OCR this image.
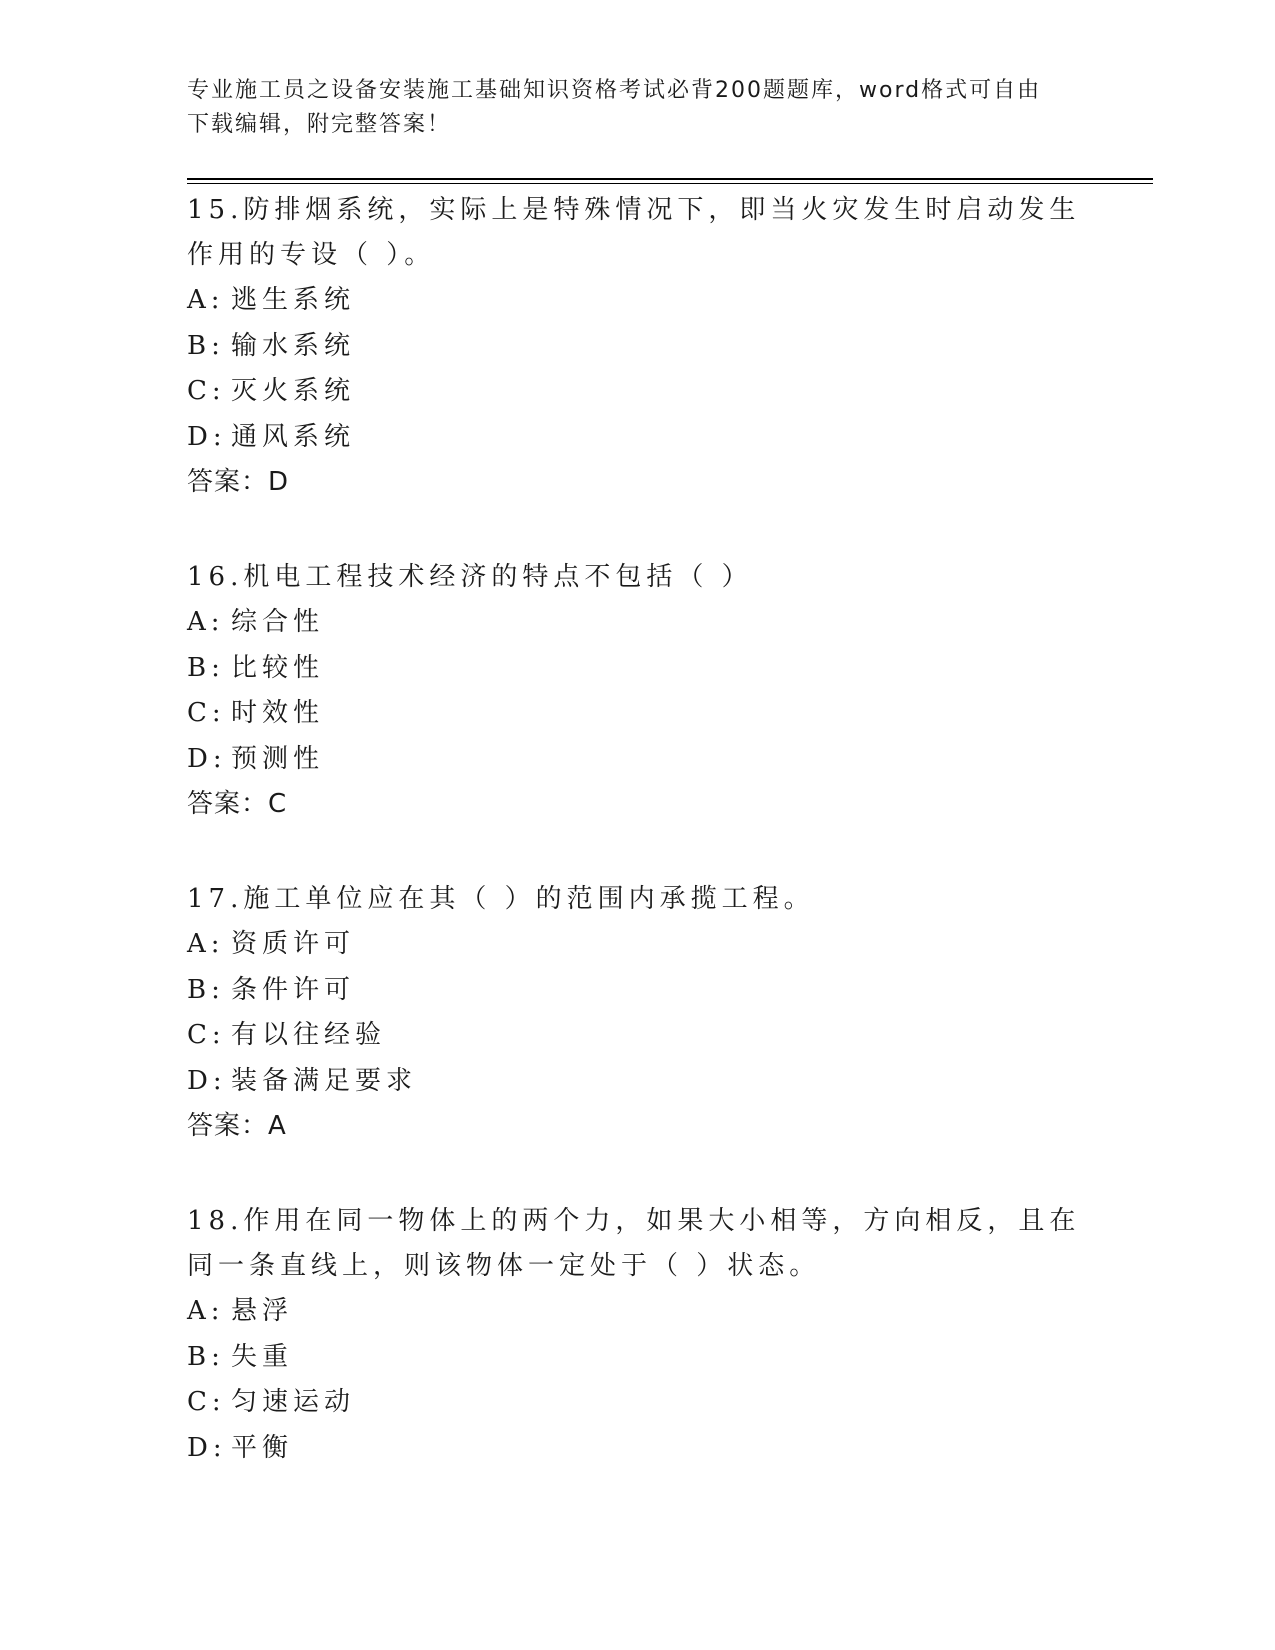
专业施工员之设备安装施工基础知识资格考试必背200题题库，word格式可自由
下载编辑，附完整答案！

15.防排烟系统，实际上是特殊情况下，即当火灾发生时启动发生作用的专设（ ）。

A: 逃生系统
B: 输水系统
C: 灭火系统
D: 通风系统

答案：D

16.机电工程技术经济的特点不包括（ ）

A: 综合性
B: 比较性
C: 时效性
D: 预测性

答案：C

17.施工单位应在其（ ）的范围内承揽工程。

A: 资质许可
B: 条件许可
C: 有以往经验
D: 装备满足要求

答案：A

18.作用在同一物体上的两个力，如果大小相等，方向相反，且在同一条直线上，则该物体一定处于（ ）状态。

A: 悬浮
B: 失重
C: 匀速运动
D: 平衡
